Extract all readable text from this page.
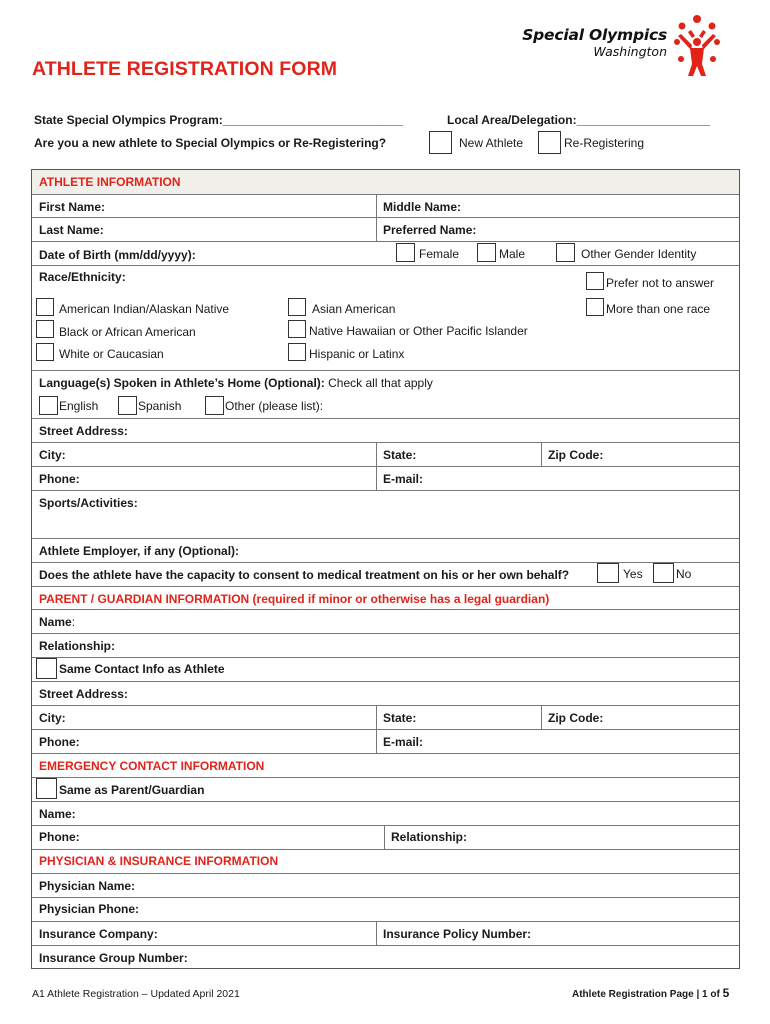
Special Olympics
Washington
ATHLETE REGISTRATION FORM
State Special Olympics Program:___________________________	Local Area/Delegation:____________________
Are you a new athlete to Special Olympics or Re-Registering?	New Athlete	Re-Registering
ATHLETE INFORMATION
First Name:	Middle Name:
Last Name:	Preferred Name:
Date of Birth (mm/dd/yyyy):	Female	Male	Other Gender Identity
Race/Ethnicity:	Prefer not to answer
American Indian/Alaskan Native	Asian American	More than one race
Black or African American	Native Hawaiian or Other Pacific Islander
White or Caucasian	Hispanic or Latinx
Language(s) Spoken in Athlete’s Home (Optional): Check all that apply
English	Spanish	Other (please list):
Street Address:
City:	State:	Zip Code:
Phone:	E-mail:
Sports/Activities:
Athlete Employer, if any (Optional):
Does the athlete have the capacity to consent to medical treatment on his or her own behalf?	Yes	No
PARENT / GUARDIAN INFORMATION (required if minor or otherwise has a legal guardian)
Name:
Relationship:
Same Contact Info as Athlete
Street Address:
City:	State:	Zip Code:
Phone:	E-mail:
EMERGENCY CONTACT INFORMATION
Same as Parent/Guardian
Name:
Phone:	Relationship:
PHYSICIAN & INSURANCE INFORMATION
Physician Name:
Physician Phone:
Insurance Company:	Insurance Policy Number:
Insurance Group Number:
A1 Athlete Registration – Updated April 2021	Athlete Registration Page | 1 of 5
